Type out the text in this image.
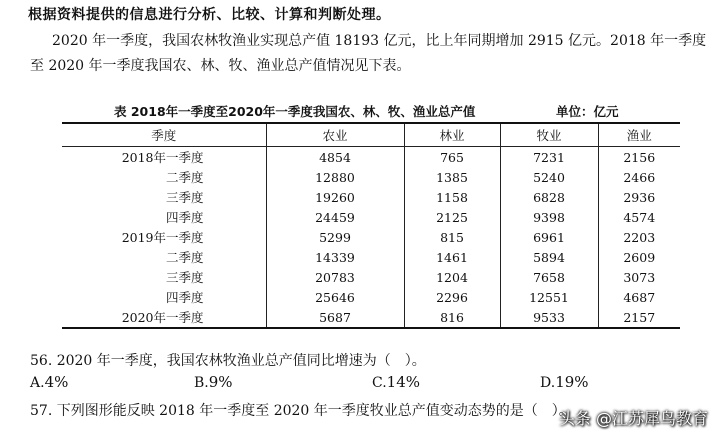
根据资料提供的信息进行分析、比较、计算和判断处理。
2020 年一季度，我国农林牧渔业实现总产值 18193 亿元，比上年同期增加 2915 亿元。2018 年一季度至 2020 年一季度我国农、林、牧、渔业总产值情况见下表。
表 2018年一季度至2020年一季度我国农、林、牧、渔业总产值	单位：亿元
季度	农业	林业	牧业	渔业
2018年一季度	4854	765	7231	2156
二季度	12880	1385	5240	2466
三季度	19260	1158	6828	2936
四季度	24459	2125	9398	4574
2019年一季度	5299	815	6961	2203
二季度	14339	1461	5894	2609
三季度	20783	1204	7658	3073
四季度	25646	2296	12551	4687
2020年一季度	5687	816	9533	2157
56. 2020 年一季度，我国农林牧渔业总产值同比增速为（　）。
A.4%	B.9%	C.14%	D.19%
57. 下列图形能反映 2018 年一季度至 2020 年一季度牧业总产值变动态势的是（　）。
头条 @江苏犀鸟教育
